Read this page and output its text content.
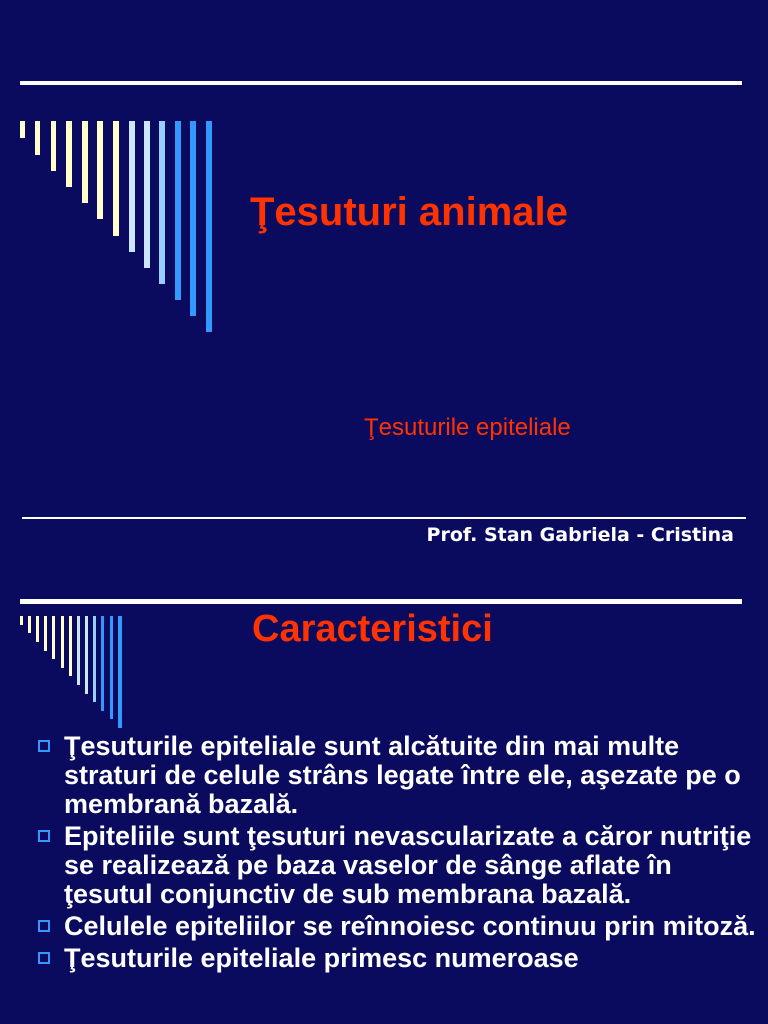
Ţesuturi animale

Ţesuturile epiteliale

Prof. Stan Gabriela - Cristina
Caracteristici
Ţesuturile epiteliale sunt alcătuite din mai multe straturi de celule strâns legate între ele, aşezate pe o membrană bazală.
Epiteliile sunt ţesuturi nevascularizate a căror nutriţie se realizează pe baza vaselor de sânge aflate în ţesutul conjunctiv de sub membrana bazală.
Celulele epiteliilor se reînnoiesc continuu prin mitoză.
Ţesuturile epiteliale primesc numeroase
